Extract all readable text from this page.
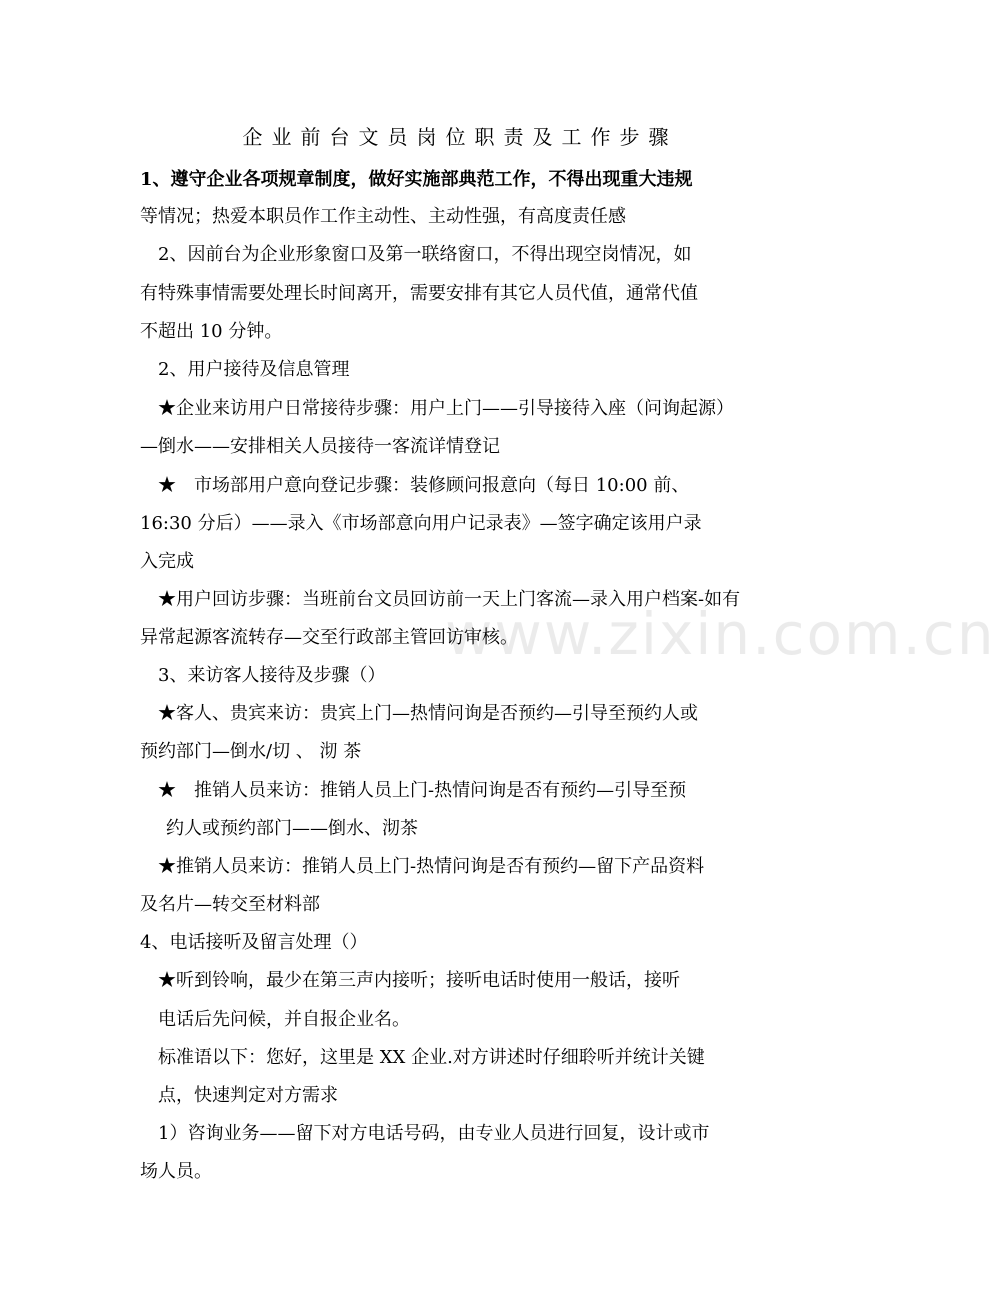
企业前台文员岗位职责及工作步骤
1、遵守企业各项规章制度，做好实施部典范工作，不得出现重大违规
等情况；热爱本职员作工作主动性、主动性强，有高度责任感
2、因前台为企业形象窗口及第一联络窗口，不得出现空岗情况，如
有特殊事情需要处理长时间离开，需要安排有其它人员代值，通常代值
不超出 10 分钟。
2、用户接待及信息管理
★企业来访用户日常接待步骤：用户上门——引导接待入座（问询起源）
—倒水——安排相关人员接待一客流详情登记
★　市场部用户意向登记步骤：装修顾问报意向（每日 10:00 前、
16:30 分后）——录入《市场部意向用户记录表》—签字确定该用户录
入完成
★用户回访步骤：当班前台文员回访前一天上门客流—录入用户档案-如有
异常起源客流转存—交至行政部主管回访审核。
3、来访客人接待及步骤（）
★客人、贵宾来访：贵宾上门—热情问询是否预约—引导至预约人或
预约部门—倒水/切 、 沏 茶
★　推销人员来访：推销人员上门-热情问询是否有预约—引导至预
约人或预约部门——倒水、沏茶
★推销人员来访：推销人员上门-热情问询是否有预约—留下产品资料
及名片—转交至材料部
4、电话接听及留言处理（）
★听到铃响，最少在第三声内接听；接听电话时使用一般话，接听
电话后先问候，并自报企业名。
标准语以下：您好，这里是 XX 企业.对方讲述时仔细聆听并统计关键
点，快速判定对方需求
1）咨询业务——留下对方电话号码，由专业人员进行回复，设计或市
场人员。
www.zixin.com.cn
